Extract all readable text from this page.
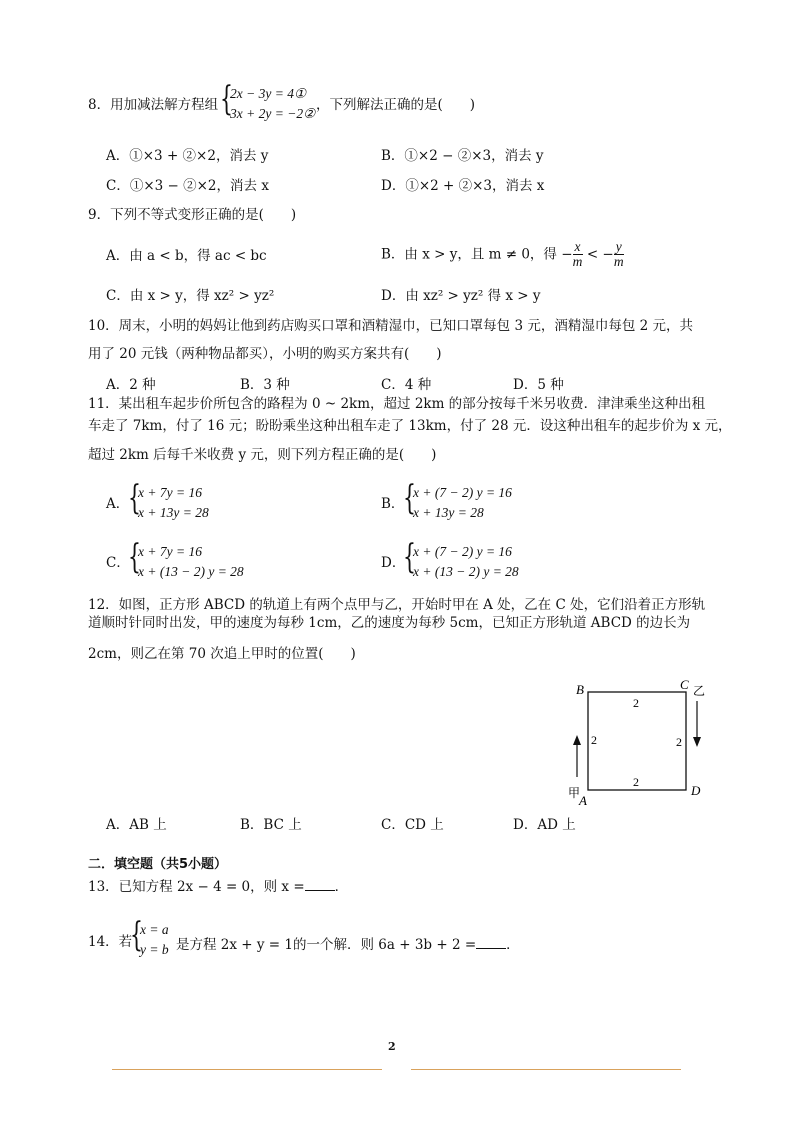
8．用加减法解方程组 {
2x − 3y = 4①
3x + 2y = −2②
，下列解法正确的是(　　)
A．①×3 + ②×2，消去 y	B．①×2 − ②×3，消去 y
C．①×3 − ②×2，消去 x	D．①×2 + ②×3，消去 x
9．下列不等式变形正确的是(　　)
A．由 a < b，得 ac < bc	B．由 x > y，且 m ≠ 0，得 − $\frac{x}{m}$ < − $\frac{y}{m}$
C．由 x > y，得 xz² > yz²	D．由 xz² > yz² 得 x > y
10．周末，小明的妈妈让他到药店购买口罩和酒精湿巾，已知口罩每包 3 元，酒精湿巾每包 2 元，共
用了 20 元钱（两种物品都买），小明的购买方案共有(　　)
A．2 种	B．3 种	C．4 种	D．5 种
11．某出租车起步价所包含的路程为 0 ~ 2km，超过 2km 的部分按每千米另收费．津津乘坐这种出租
车走了 7km，付了 16 元；盼盼乘坐这种出租车走了 13km，付了 28 元．设这种出租车的起步价为 x 元，
超过 2km 后每千米收费 y 元，则下列方程正确的是(　　)
A．
{
x + 7y = 16
x + 13y = 28
B．
{
x + (7 − 2) y = 16
x + 13y = 28
C．
{
x + 7y = 16
x + (13 − 2) y = 28
D．
{
x + (7 − 2) y = 16
x + (13 − 2) y = 28
12．如图，正方形 ABCD 的轨道上有两个点甲与乙，开始时甲在 A 处，乙在 C 处，它们沿着正方形轨
道顺时针同时出发，甲的速度为每秒 1cm，乙的速度为每秒 5cm，已知正方形轨道 ABCD 的边长为
2cm，则乙在第 70 次追上甲时的位置(　　)
B	C
D
A
2
2	2
2
甲
乙
A．AB 上	B．BC 上	C．CD 上	D．AD 上
二．填空题（共5小题）
13．已知方程 2x − 4 = 0，则 x = ．
14．若
{
x = a
y = b 是方程 2x + y = 1的一个解．则 6a + 3b + 2 = ．
2
